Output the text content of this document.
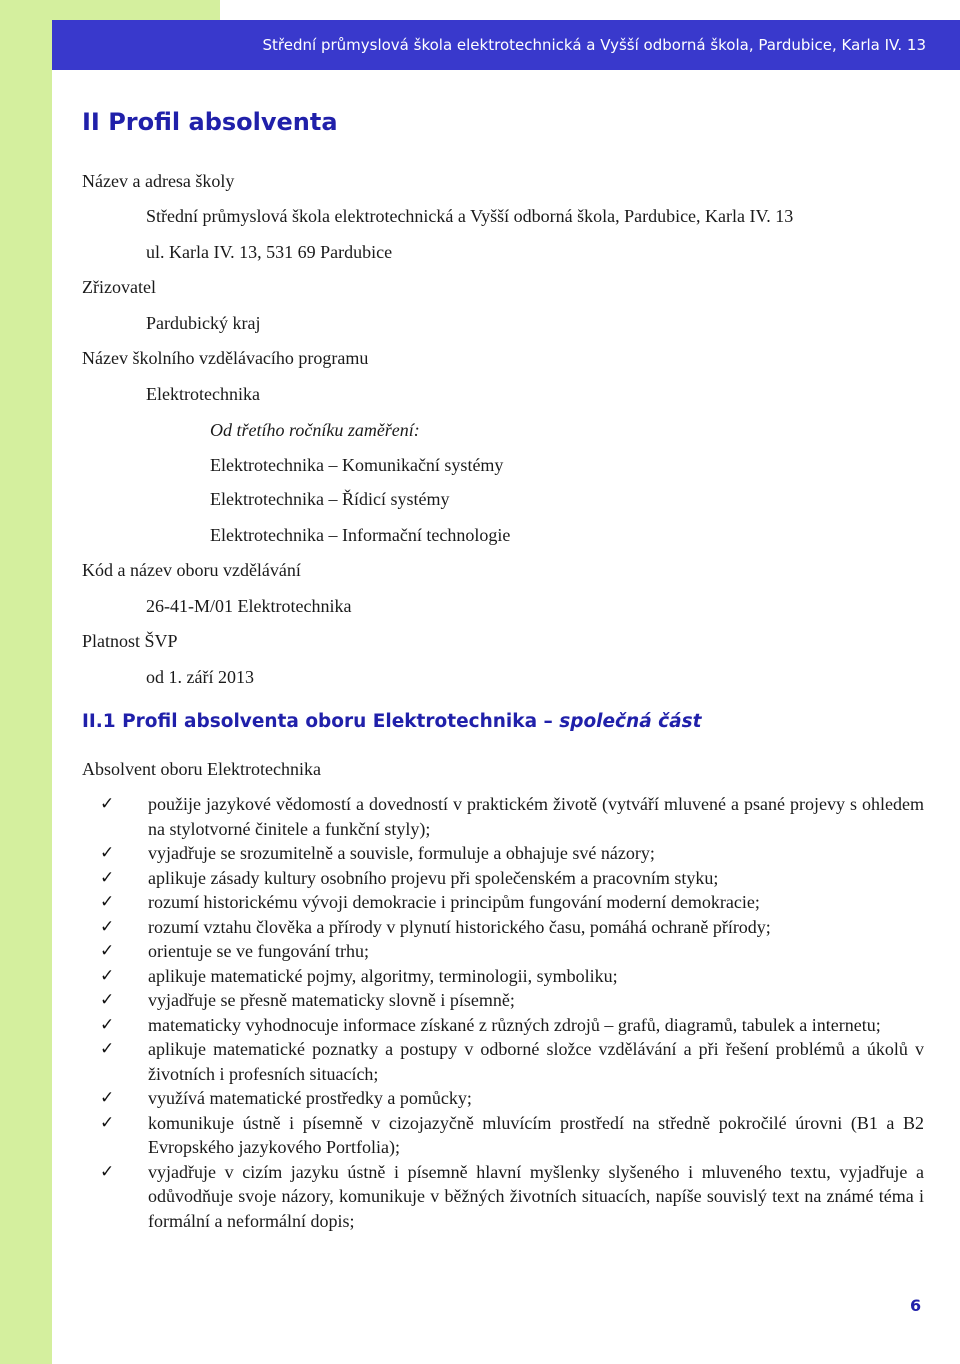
Střední průmyslová škola elektrotechnická a Vyšší odborná škola, Pardubice, Karla IV. 13
II Profil absolventa
Název a adresa školy
Střední průmyslová škola elektrotechnická a Vyšší odborná škola, Pardubice, Karla IV. 13
ul. Karla IV. 13, 531 69 Pardubice
Zřizovatel
Pardubický kraj
Název školního vzdělávacího programu
Elektrotechnika
Od třetího ročníku zaměření:
Elektrotechnika – Komunikační systémy
Elektrotechnika – Řídicí systémy
Elektrotechnika – Informační technologie
Kód a název oboru vzdělávání
26-41-M/01 Elektrotechnika
Platnost ŠVP
od 1. září 2013
II.1 Profil absolventa oboru Elektrotechnika – společná část
Absolvent oboru Elektrotechnika
✓ použije jazykové vědomostí a dovedností v praktickém životě (vytváří mluvené a psané projevy s ohledem na stylotvorné činitele a funkční styly);
✓ vyjadřuje se srozumitelně a souvisle, formuluje a obhajuje své názory;
✓ aplikuje zásady kultury osobního projevu při společenském a pracovním styku;
✓ rozumí historickému vývoji demokracie i principům fungování moderní demokracie;
✓ rozumí vztahu člověka a přírody v plynutí historického času, pomáhá ochraně přírody;
✓ orientuje se ve fungování trhu;
✓ aplikuje matematické pojmy, algoritmy, terminologii, symboliku;
✓ vyjadřuje se přesně matematicky slovně i písemně;
✓ matematicky vyhodnocuje informace získané z různých zdrojů – grafů, diagramů, tabulek a internetu;
✓ aplikuje matematické poznatky a postupy v odborné složce vzdělávání a při řešení problémů a úkolů v životních i profesních situacích;
✓ využívá matematické prostředky a pomůcky;
✓ komunikuje ústně i písemně v cizojazyčně mluvícím prostředí na středně pokročilé úrovni (B1 a B2 Evropského jazykového Portfolia);
✓ vyjadřuje v cizím jazyku ústně i písemně hlavní myšlenky slyšeného i mluveného textu, vyjadřuje a odůvodňuje svoje názory, komunikuje v běžných životních situacích, napíše souvislý text na známé téma i formální a neformální dopis;
6
